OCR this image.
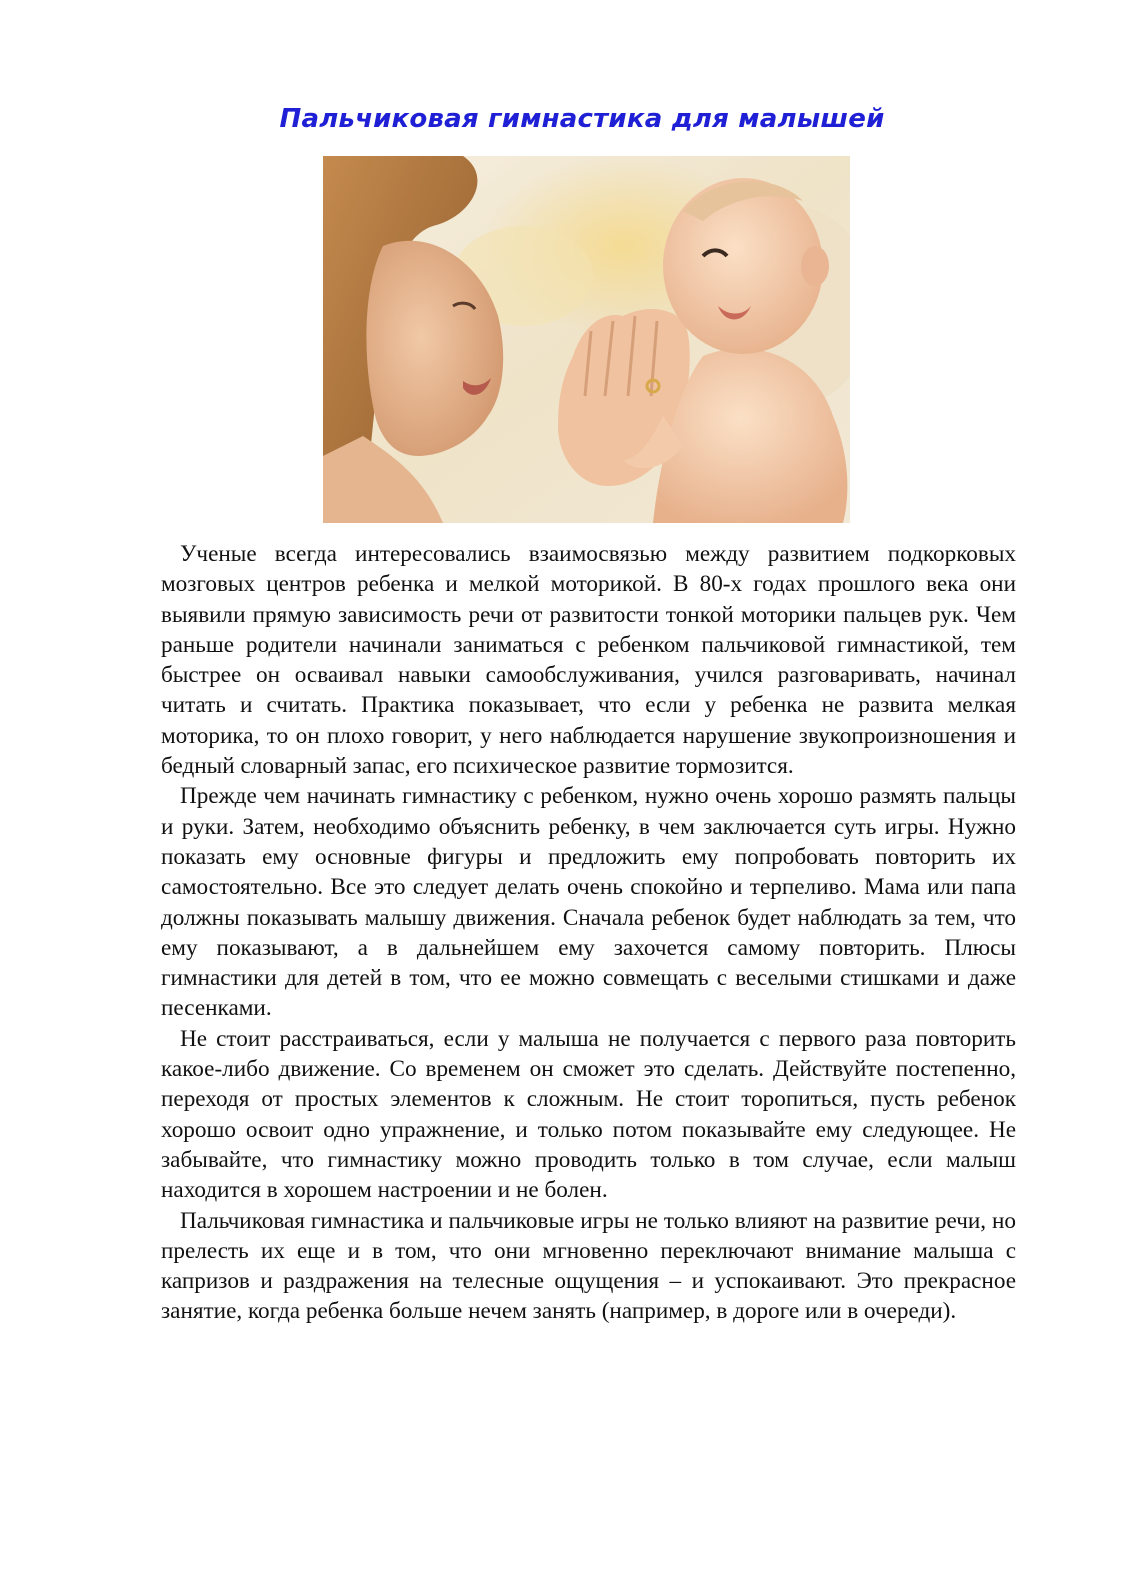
Пальчиковая гимнастика для малышей

Ученые всегда интересовались взаимосвязью между развитием подкорковых мозговых центров ребенка и мелкой моторикой. В 80-х годах прошлого века они выявили прямую зависимость речи от развитости тонкой моторики пальцев рук. Чем раньше родители начинали заниматься с ребенком пальчиковой гимнастикой, тем быстрее он осваивал навыки самообслуживания, учился разговаривать, начинал читать и считать. Практика показывает, что если у ребенка не развита мелкая моторика, то он плохо говорит, у него наблюдается нарушение звукопроизношения и бедный словарный запас, его психическое развитие тормозится.

Прежде чем начинать гимнастику с ребенком, нужно очень хорошо размять пальцы и руки. Затем, необходимо объяснить ребенку, в чем заключается суть игры. Нужно показать ему основные фигуры и предложить ему попробовать повторить их самостоятельно. Все это следует делать очень спокойно и терпеливо. Мама или папа должны показывать малышу движения. Сначала ребенок будет наблюдать за тем, что ему показывают, а в дальнейшем ему захочется самому повторить. Плюсы гимнастики для детей в том, что ее можно совмещать с веселыми стишками и даже песенками.

Не стоит расстраиваться, если у малыша не получается с первого раза повторить какое-либо движение. Со временем он сможет это сделать. Действуйте постепенно, переходя от простых элементов к сложным. Не стоит торопиться, пусть ребенок хорошо освоит одно упражнение, и только потом показывайте ему следующее. Не забывайте, что гимнастику можно проводить только в том случае, если малыш находится в хорошем настроении и не болен.

Пальчиковая гимнастика и пальчиковые игры не только влияют на развитие речи, но прелесть их еще и в том, что они мгновенно переключают внимание малыша с капризов и раздражения на телесные ощущения – и успокаивают. Это прекрасное занятие, когда ребенка больше нечем занять (например, в дороге или в очереди).
